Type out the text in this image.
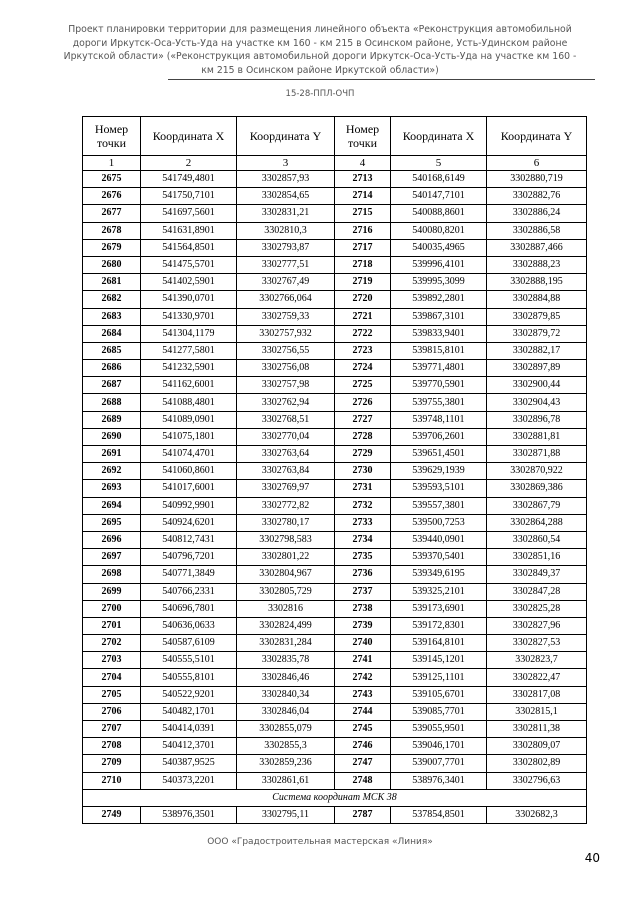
Проект планировки территории для размещения линейного объекта «Реконструкция автомобильной
дороги Иркутск-Оса-Усть-Уда на участке км 160 - км 215 в Осинском районе, Усть-Удинском районе
Иркутской области» («Реконструкция автомобильной дороги Иркутск-Оса-Усть-Уда на участке км 160 -
км 215 в Осинском районе Иркутской области»)
15-28-ППЛ-ОЧП
Номер точки	Координата X	Координата Y	Номер точки	Координата X	Координата Y
1	2	3	4	5	6
2675	541749,4801	3302857,93	2713	540168,6149	3302880,719
2676	541750,7101	3302854,65	2714	540147,7101	3302882,76
2677	541697,5601	3302831,21	2715	540088,8601	3302886,24
2678	541631,8901	3302810,3	2716	540080,8201	3302886,58
2679	541564,8501	3302793,87	2717	540035,4965	3302887,466
2680	541475,5701	3302777,51	2718	539996,4101	3302888,23
2681	541402,5901	3302767,49	2719	539995,3099	3302888,195
2682	541390,0701	3302766,064	2720	539892,2801	3302884,88
2683	541330,9701	3302759,33	2721	539867,3101	3302879,85
2684	541304,1179	3302757,932	2722	539833,9401	3302879,72
2685	541277,5801	3302756,55	2723	539815,8101	3302882,17
2686	541232,5901	3302756,08	2724	539771,4801	3302897,89
2687	541162,6001	3302757,98	2725	539770,5901	3302900,44
2688	541088,4801	3302762,94	2726	539755,3801	3302904,43
2689	541089,0901	3302768,51	2727	539748,1101	3302896,78
2690	541075,1801	3302770,04	2728	539706,2601	3302881,81
2691	541074,4701	3302763,64	2729	539651,4501	3302871,88
2692	541060,8601	3302763,84	2730	539629,1939	3302870,922
2693	541017,6001	3302769,97	2731	539593,5101	3302869,386
2694	540992,9901	3302772,82	2732	539557,3801	3302867,79
2695	540924,6201	3302780,17	2733	539500,7253	3302864,288
2696	540812,7431	3302798,583	2734	539440,0901	3302860,54
2697	540796,7201	3302801,22	2735	539370,5401	3302851,16
2698	540771,3849	3302804,967	2736	539349,6195	3302849,37
2699	540766,2331	3302805,729	2737	539325,2101	3302847,28
2700	540696,7801	3302816	2738	539173,6901	3302825,28
2701	540636,0633	3302824,499	2739	539172,8301	3302827,96
2702	540587,6109	3302831,284	2740	539164,8101	3302827,53
2703	540555,5101	3302835,78	2741	539145,1201	3302823,7
2704	540555,8101	3302846,46	2742	539125,1101	3302822,47
2705	540522,9201	3302840,34	2743	539105,6701	3302817,08
2706	540482,1701	3302846,04	2744	539085,7701	3302815,1
2707	540414,0391	3302855,079	2745	539055,9501	3302811,38
2708	540412,3701	3302855,3	2746	539046,1701	3302809,07
2709	540387,9525	3302859,236	2747	539007,7701	3302802,89
2710	540373,2201	3302861,61	2748	538976,3401	3302796,63
Система координат МСК 38					
2749	538976,3501	3302795,11	2787	537854,8501	3302682,3
ООО «Градостроительная мастерская «Линия»
40
